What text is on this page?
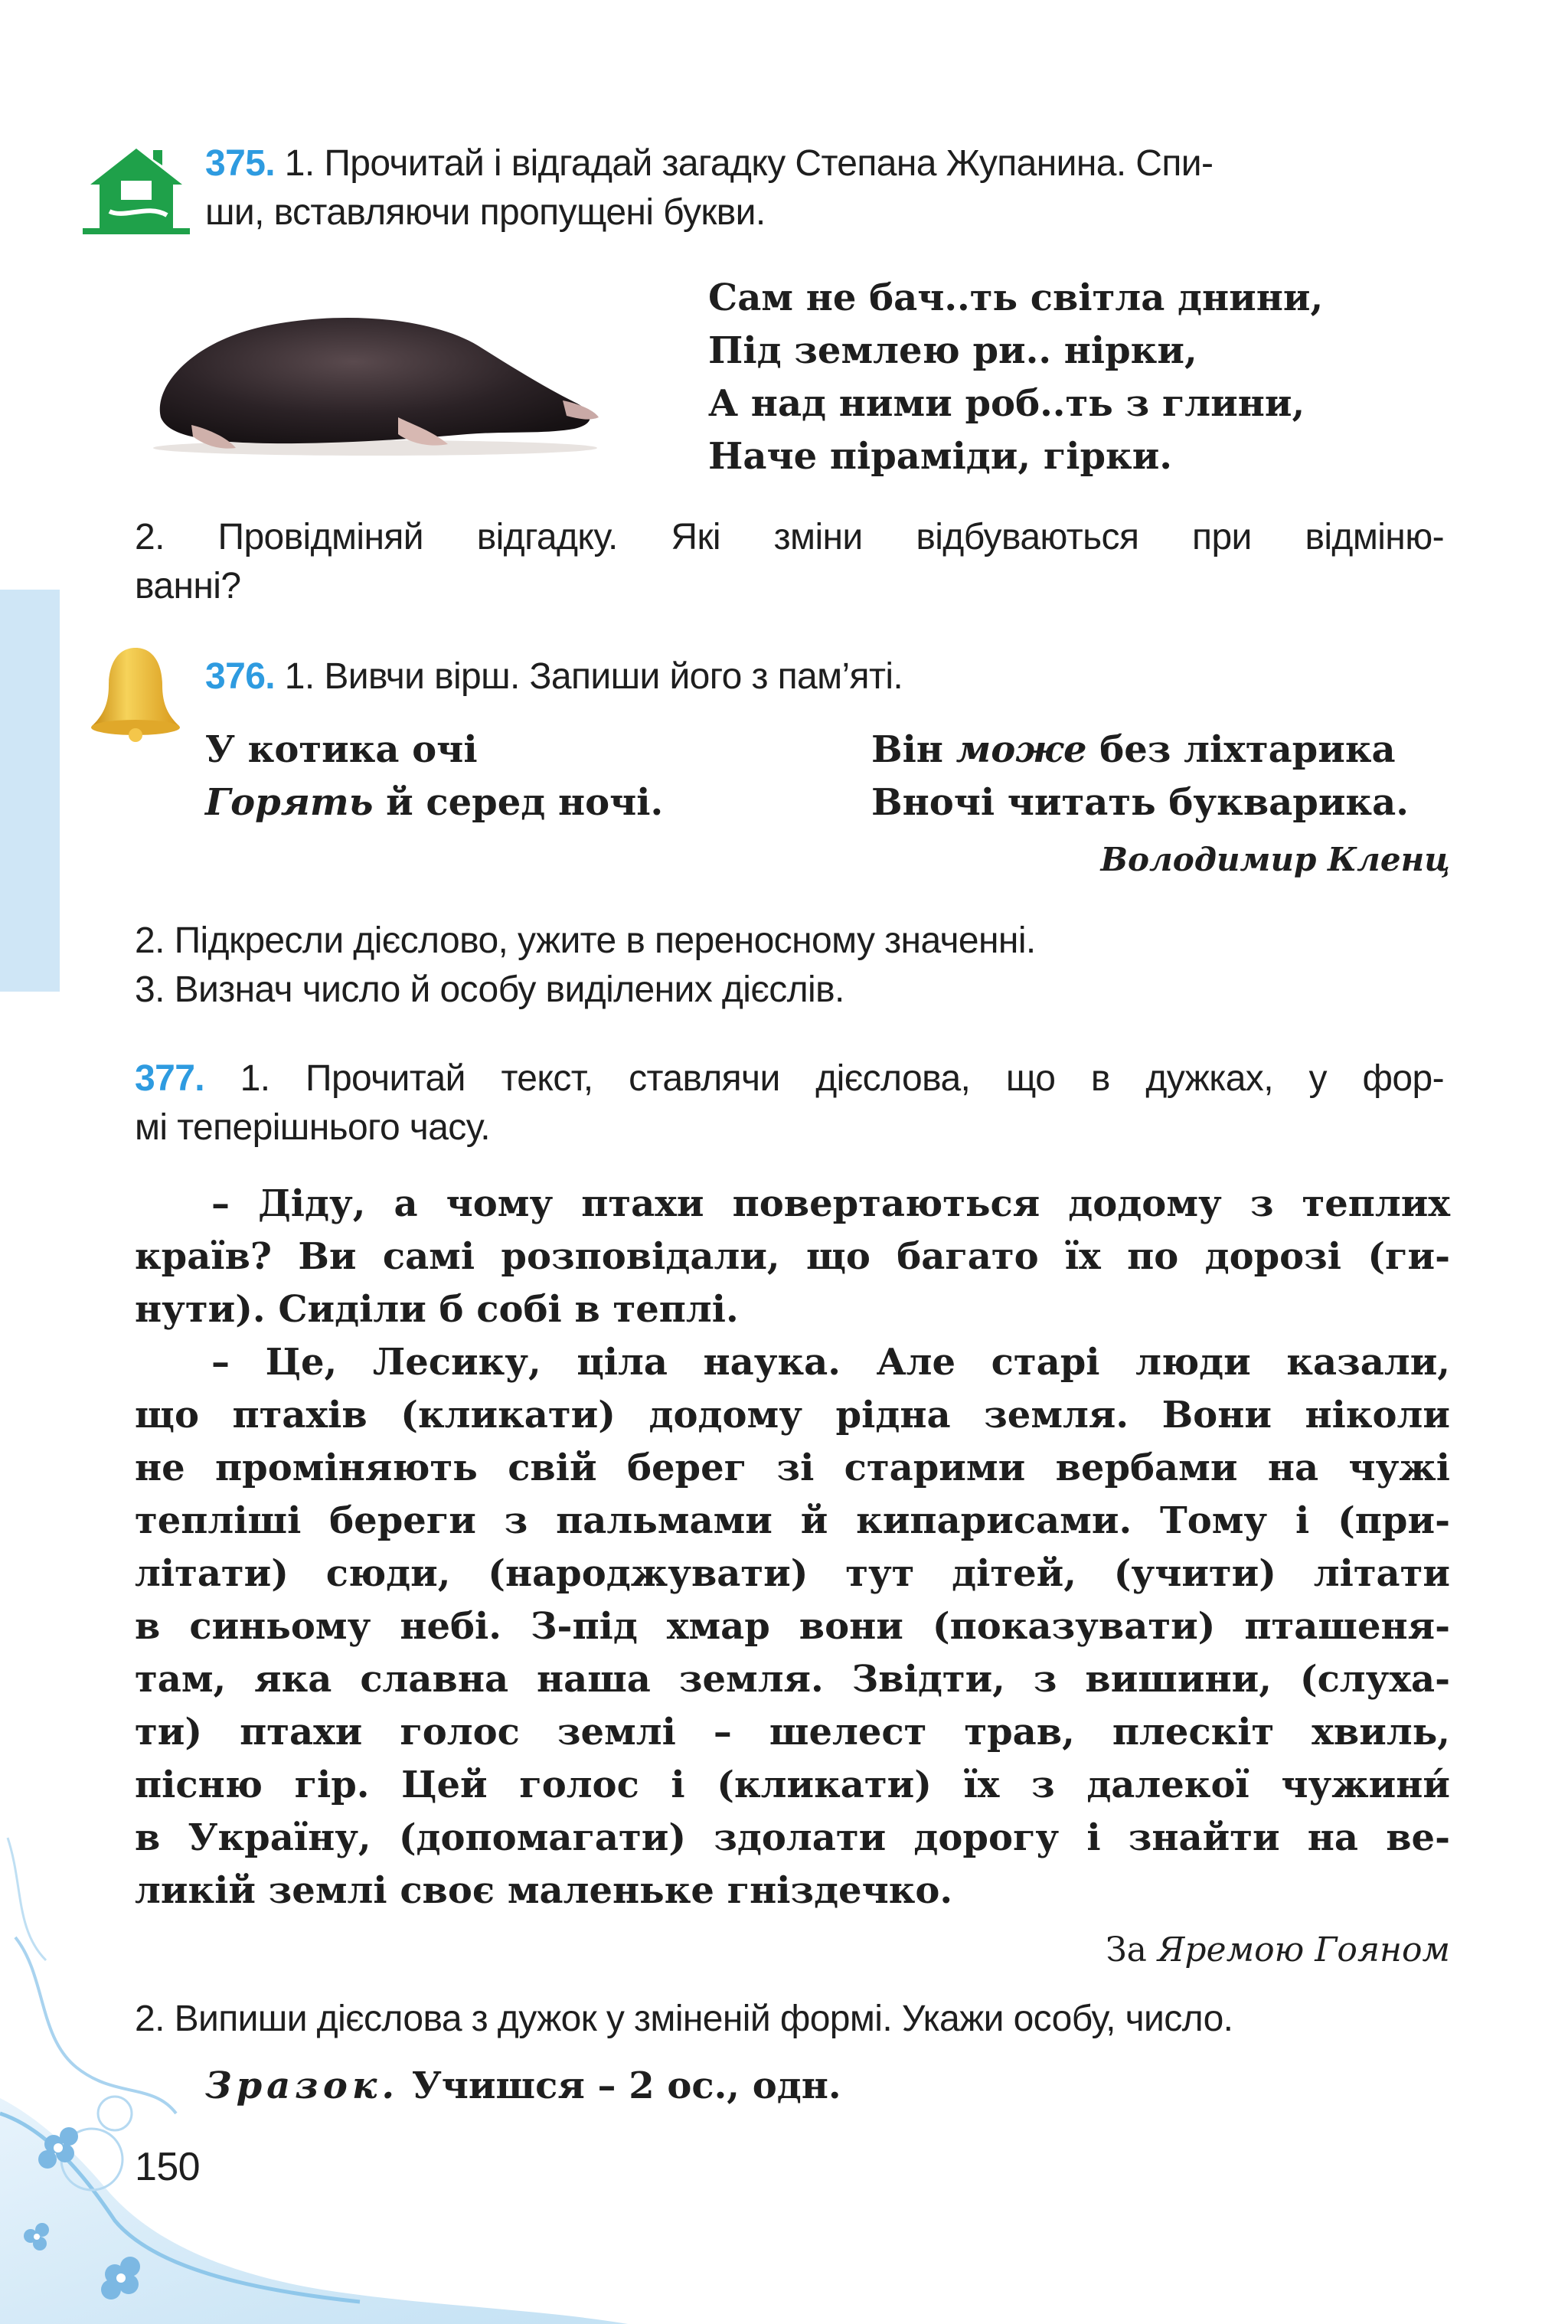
375. 1. Прочитай і відгадай загадку Степана Жупанина. Спи-
ши, вставляючи пропущені букви.
Сам не бач..ть світла днини,
Під землею ри.. нірки,
А над ними роб..ть з глини,
Наче піраміди, гірки.
2. Провідміняй відгадку. Які зміни відбуваються при відміню-
ванні?
376. 1. Вивчи вірш. Запиши його з пам’яті.
У котика очі
Горять й серед ночі.
Він може без ліхтарика
Вночі читать букварика.
Володимир Кленц
2. Підкресли дієслово, ужите в переносному значенні.
3. Визнач число й особу виділених дієслів.
377. 1. Прочитай текст, ставлячи дієслова, що в дужках, у фор-
мі теперішнього часу.
– Діду, а чому птахи повертаються додому з теплих
країв? Ви самі розповідали, що багато їх по дорозі (ги-
нути). Сидiли б собі в теплі.
– Це, Лесику, ціла наука. Але старі люди казали,
що птахів (кликати) додому рідна земля. Вони ніколи
не проміняють свій берег зі старими вербами на чужі
тепліші береги з пальмами й кипарисами. Тому і (при-
літати) сюди, (народжувати) тут дітей, (учити) літати
в синьому небі. З-під хмар вони (показувати) пташеня-
там, яка славна наша земля. Звідти, з вишини, (слуха-
ти) птахи голос землі – шелест трав, плескіт хвиль,
пісню гір. Цей голос і (кликати) їх з далекої чужини́
в Україну, (допомагати) здолати дорогу і знайти на ве-
ликій землі своє маленьке гніздечко.
За Яремою Гояном
2. Випиши дієслова з дужок у зміненій формі. Укажи особу, число.
Зразок. Учишся – 2 ос., одн.
150
